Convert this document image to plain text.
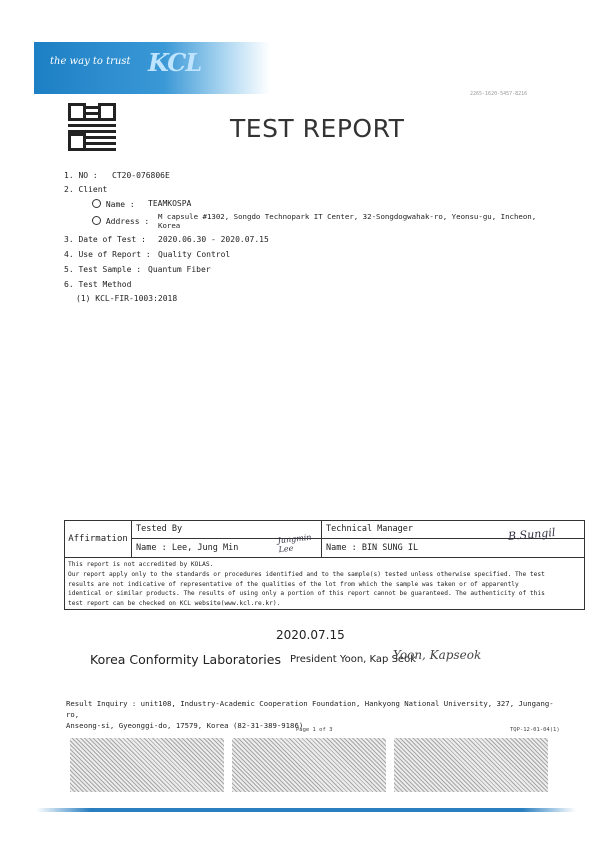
the way to trust KCL
2265-1620-5457-8216
TEST REPORT
1. NO : CT20-076806E
2. Client
Name : TEAMKOSPA
Address :
M capsule #1302, Songdo Technopark IT Center, 32-Songdogwahak-ro, Yeonsu-gu, Incheon,
Korea
3. Date of Test : 2020.06.30 - 2020.07.15
4. Use of Report : Quality Control
5. Test Sample : Quantum Fiber
6. Test Method
(1) KCL-FIR-1003:2018
Affirmation
Tested By
Name : Lee, Jung Min
Jungmin Lee
Technical Manager
Name : BIN SUNG IL
B.Sungil
This report is not accredited by KOLAS.
Our report apply only to the standards or procedures identified and to the sample(s) tested unless otherwise specified. The test
results are not indicative of representative of the qualities of the lot from which the sample was taken or of apparently
identical or similar products. The results of using only a portion of this report cannot be guaranteed. The authenticity of this
test report can be checked on KCL website(www.kcl.re.kr).
2020.07.15
Korea Conformity Laboratories President Yoon, Kap Seok
Yoon, Kapseok
Result Inquiry : unit108, Industry-Academic Cooperation Foundation, Hankyong National University, 327, Jungang-ro,
Anseong-si, Gyeonggi-do, 17579, Korea (82-31-389-9186)
Page 1 of 3	TQP-12-01-04(1)
